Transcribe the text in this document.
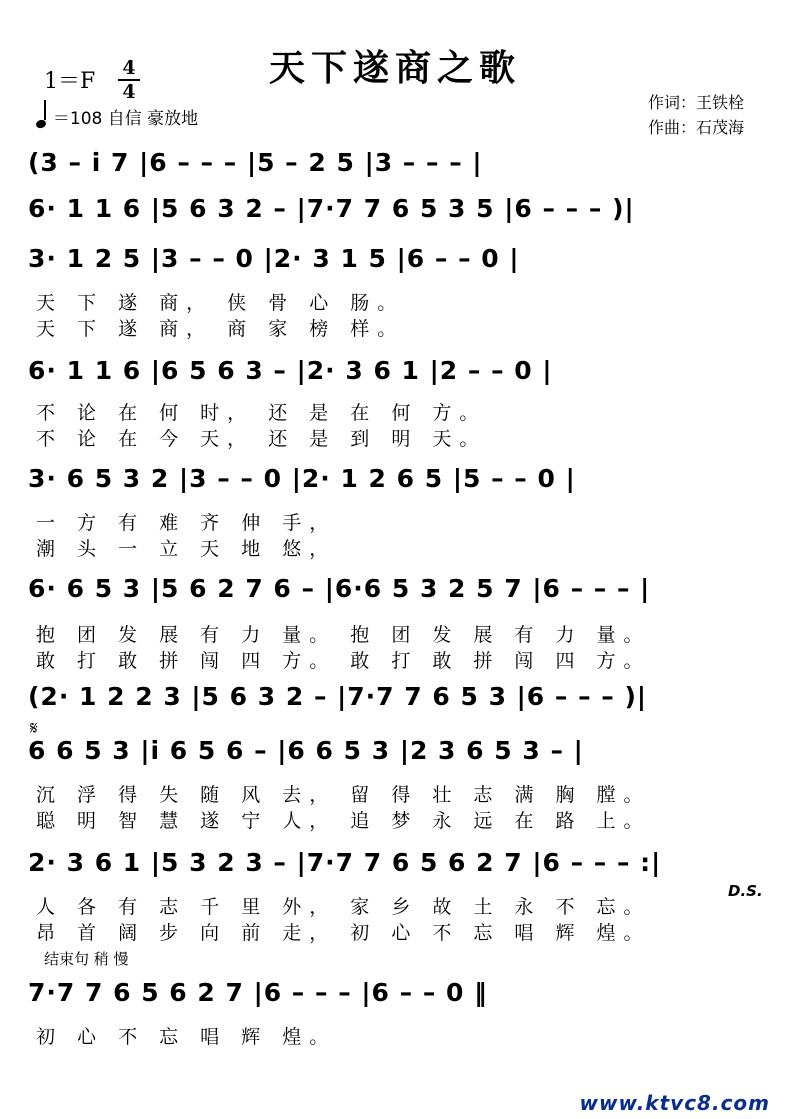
天下遂商之歌
1＝F
4
4
＝108 自信 豪放地
作词：王铁栓
作曲：石茂海
(3 – i̇ 7 |6 – – – |5 – 2 5 |3 – – – |
6· 1 1 6 |5 6 3 2 – |7·7 7 6 5 3 5 |6 – – – )|
3· 1 2 5 |3 – – 0 |2· 3 1 5 |6 – – 0 |
天 下 遂 商， 侠 骨 心 肠。
天 下 遂 商， 商 家 榜 样。
6· 1 1 6 |6 5 6 3 – |2· 3 6 1 |2 – – 0 |
不 论 在 何 时， 还 是 在 何 方。
不 论 在 今 天， 还 是 到 明 天。
3· 6 5 3 2 |3 – – 0 |2· 1 2 6 5 |5 – – 0 |
一 方 有 难 齐 伸 手，
潮 头 一 立 天 地 悠，
6· 6 5 3 |5 6 2 7 6 – |6·6 5 3 2 5 7 |6 – – – |
抱 团 发 展 有 力 量。 抱 团 发 展 有 力 量。
敢 打 敢 拼 闯 四 方。 敢 打 敢 拼 闯 四 方。
(2· 1 2 2 3 |5 6 3 2 – |7·7 7 6 5 3 |6 – – – )|
𝄋
6 6 5 3 |i̇ 6 5 6 – |6 6 5 3 |2 3 6 5 3 – |
沉 浮 得 失 随 风 去， 留 得 壮 志 满 胸 膛。
聪 明 智 慧 遂 宁 人， 追 梦 永 远 在 路 上。
2· 3 6 1 |5 3 2 3 – |7·7 7 6 5 6 2 7 |6 – – – :|
D.S.
人 各 有 志 千 里 外， 家 乡 故 土 永 不 忘。
昂 首 阔 步 向 前 走， 初 心 不 忘 唱 辉 煌。
结束句 稍 慢
7·7 7 6 5 6 2 7 |6 – – – |6 – – 0 ‖
初 心 不 忘 唱 辉 煌。
www.ktvc8.com
